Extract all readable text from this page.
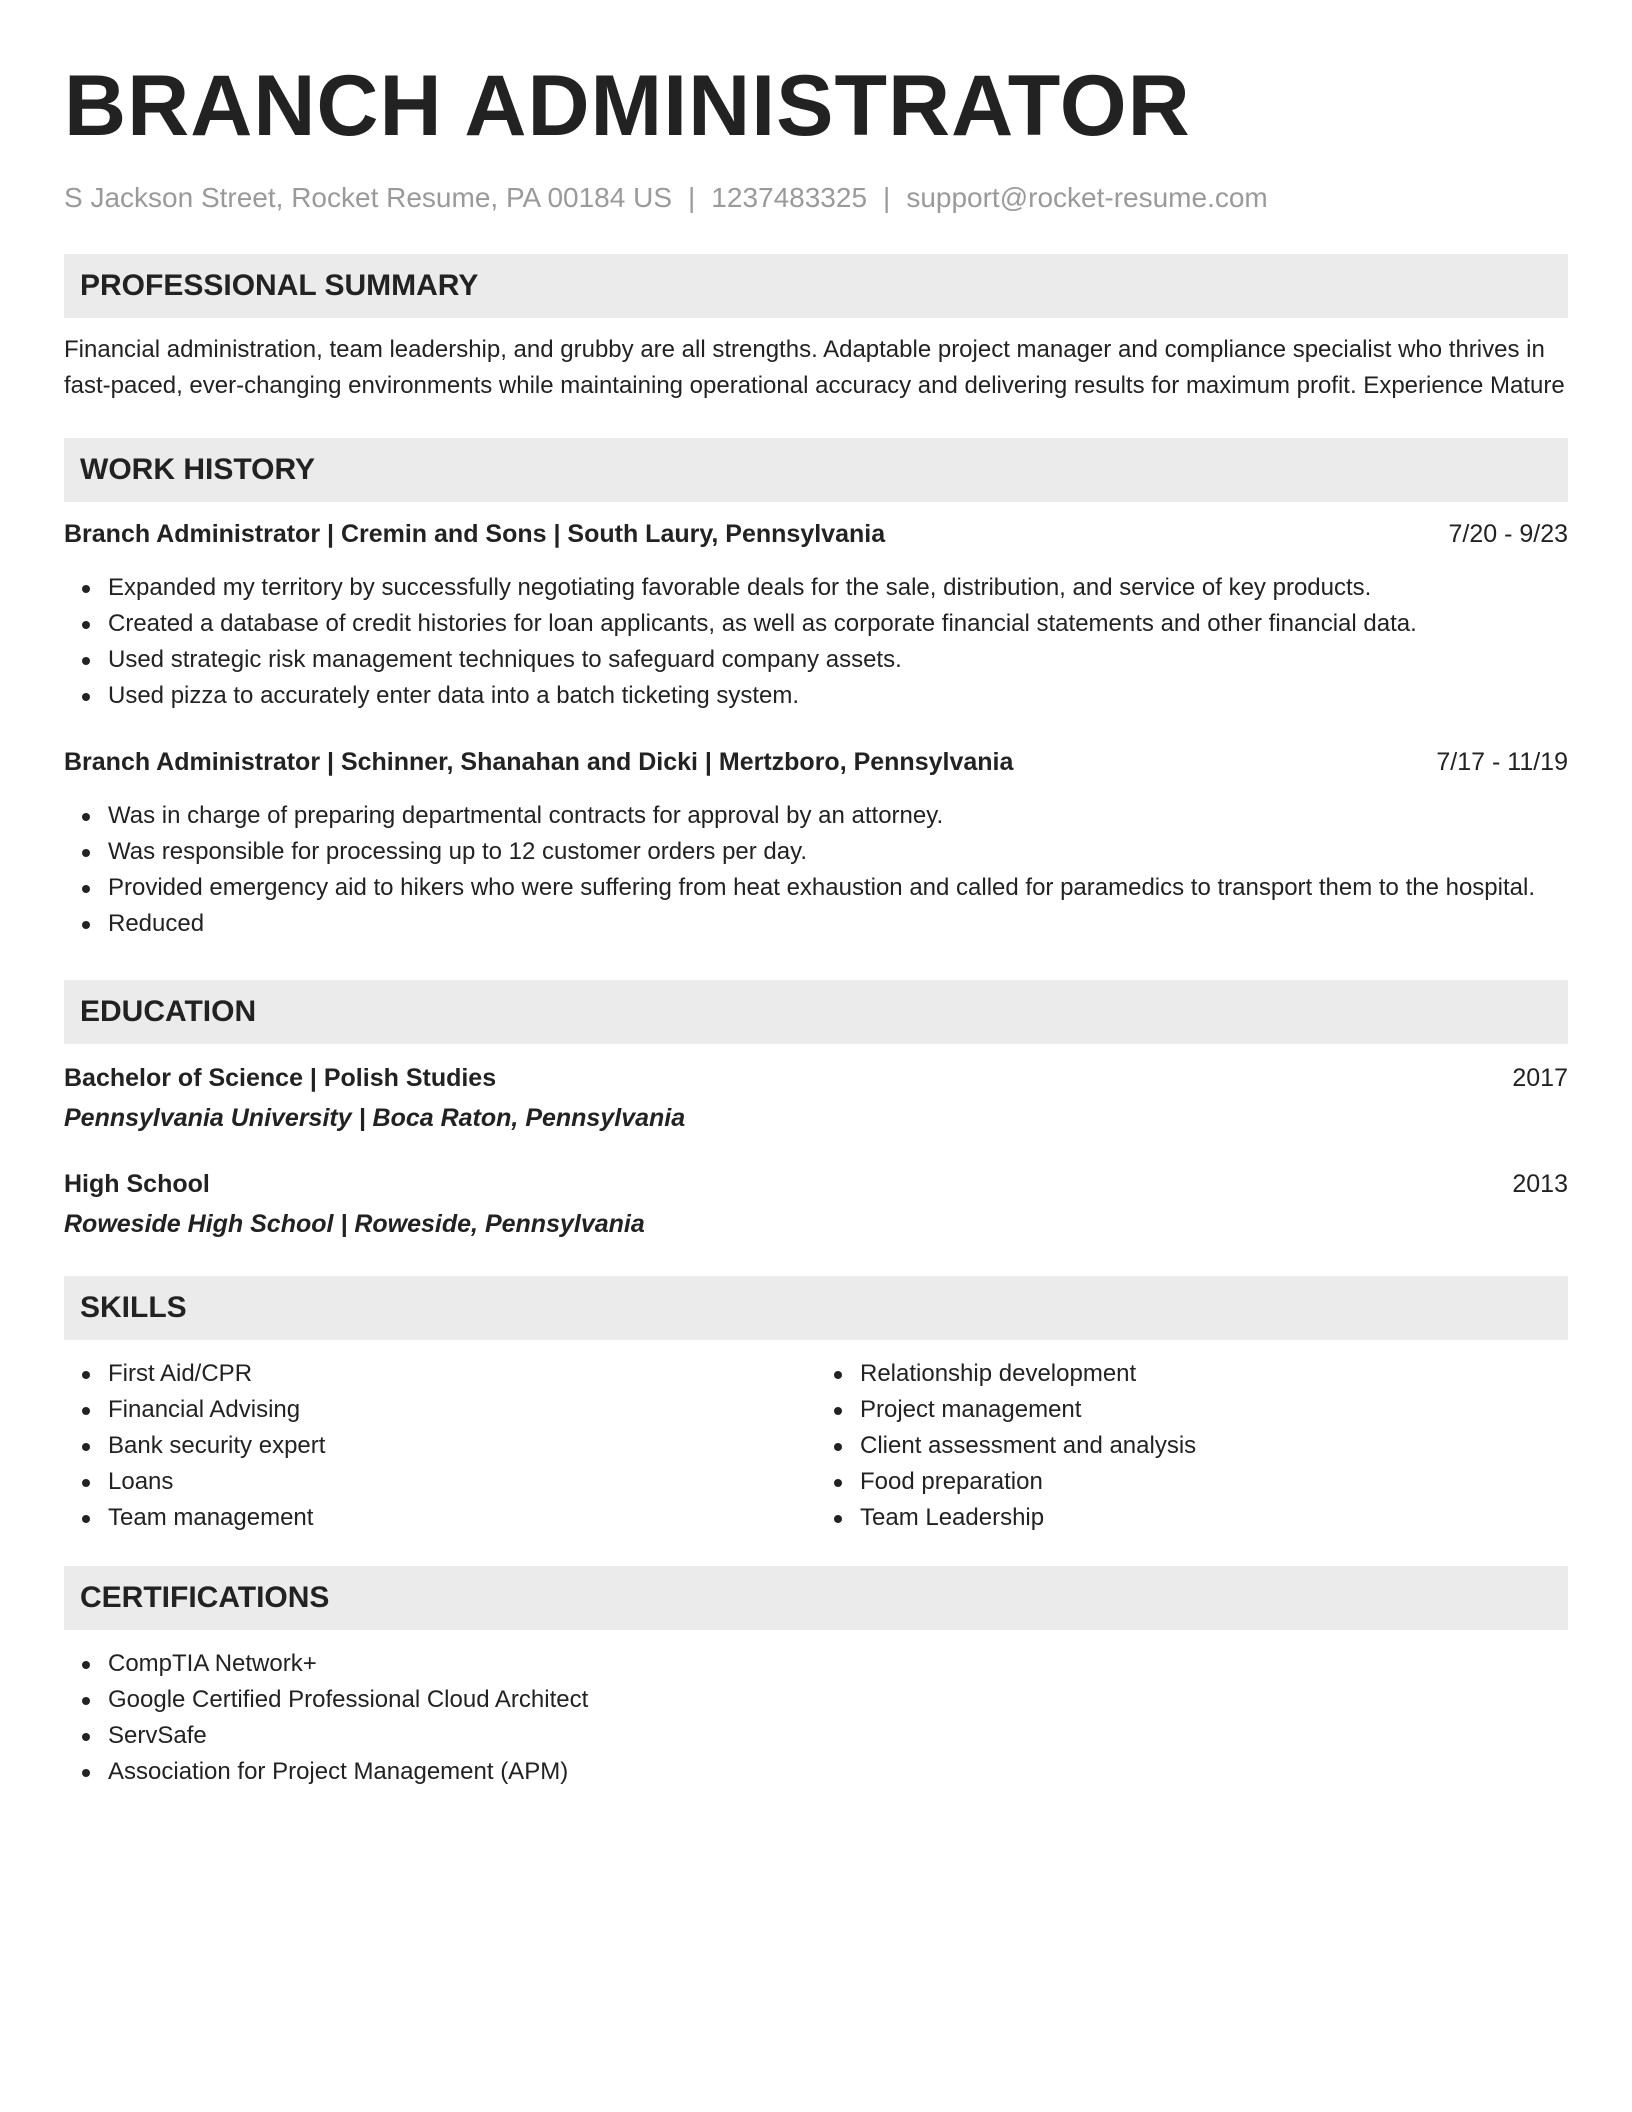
BRANCH ADMINISTRATOR
S Jackson Street, Rocket Resume, PA 00184 US | 1237483325 | support@rocket-resume.com
PROFESSIONAL SUMMARY

Financial administration, team leadership, and grubby are all strengths. Adaptable project manager and compliance specialist who thrives in fast-paced, ever-changing environments while maintaining operational accuracy and delivering results for maximum profit. Experience Mature

WORK HISTORY
Branch Administrator | Cremin and Sons | South Laury, Pennsylvania	7/20 - 9/23
Expanded my territory by successfully negotiating favorable deals for the sale, distribution, and service of key products.
Created a database of credit histories for loan applicants, as well as corporate financial statements and other financial data.
Used strategic risk management techniques to safeguard company assets.
Used pizza to accurately enter data into a batch ticketing system.
Branch Administrator | Schinner, Shanahan and Dicki | Mertzboro, Pennsylvania	7/17 - 11/19
Was in charge of preparing departmental contracts for approval by an attorney.
Was responsible for processing up to 12 customer orders per day.
Provided emergency aid to hikers who were suffering from heat exhaustion and called for paramedics to transport them to the hospital.
Reduced
EDUCATION
Bachelor of Science | Polish Studies	2017
Pennsylvania University | Boca Raton, Pennsylvania
High School	2013
Roweside High School | Roweside, Pennsylvania
SKILLS
First Aid/CPR
Financial Advising
Bank security expert
Loans
Team management
Relationship development
Project management
Client assessment and analysis
Food preparation
Team Leadership
CERTIFICATIONS
CompTIA Network+
Google Certified Professional Cloud Architect
ServSafe
Association for Project Management (APM)
